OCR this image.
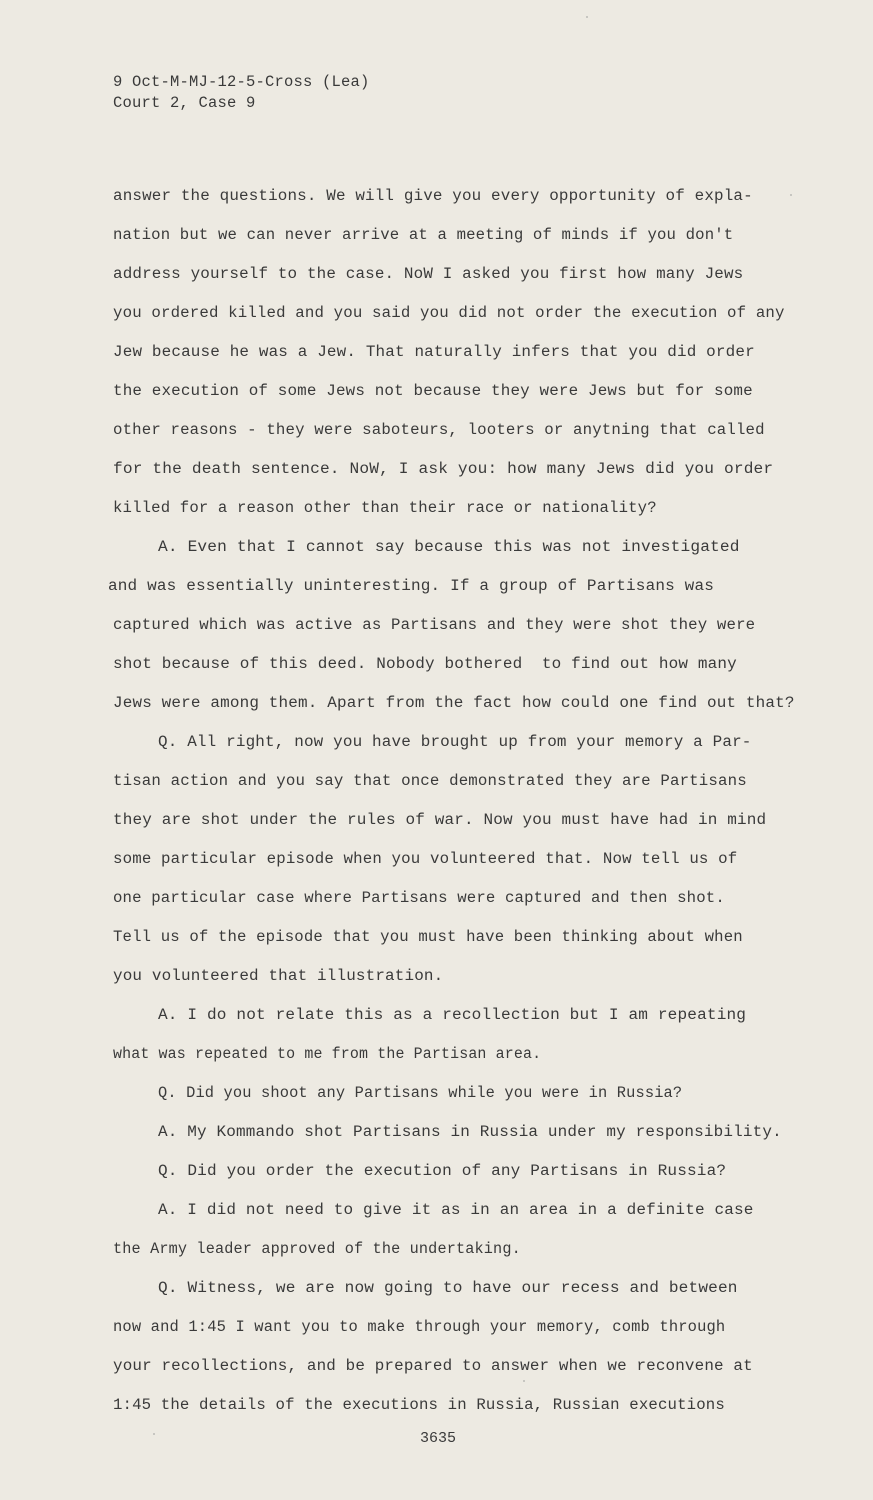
9 Oct-M-MJ-12-5-Cross (Lea)
Court 2, Case 9
answer the questions. We will give you every opportunity of expla-
nation but we can never arrive at a meeting of minds if you don't
address yourself to the case. NoW I asked you first how many Jews
you ordered killed and you said you did not order the execution of any
Jew because he was a Jew. That naturally infers that you did order
the execution of some Jews not because they were Jews but for some
other reasons - they were saboteurs, looters or anytning that called
for the death sentence. NoW, I ask you: how many Jews did you order
killed for a reason other than their race or nationality?
A. Even that I cannot say because this was not investigated
and was essentially uninteresting. If a group of Partisans was
captured which was active as Partisans and they were shot they were
shot because of this deed. Nobody bothered  to find out how many
Jews were among them. Apart from the fact how could one find out that?
Q. All right, now you have brought up from your memory a Par-
tisan action and you say that once demonstrated they are Partisans
they are shot under the rules of war. Now you must have had in mind
some particular episode when you volunteered that. Now tell us of
one particular case where Partisans were captured and then shot.
Tell us of the episode that you must have been thinking about when
you volunteered that illustration.
A. I do not relate this as a recollection but I am repeating
what was repeated to me from the Partisan area.
Q. Did you shoot any Partisans while you were in Russia?
A. My Kommando shot Partisans in Russia under my responsibility.
Q. Did you order the execution of any Partisans in Russia?
A. I did not need to give it as in an area in a definite case
the Army leader approved of the undertaking.
Q. Witness, we are now going to have our recess and between
now and 1:45 I want you to make through your memory, comb through
your recollections, and be prepared to answer when we reconvene at
1:45 the details of the executions in Russia, Russian executions
3635
